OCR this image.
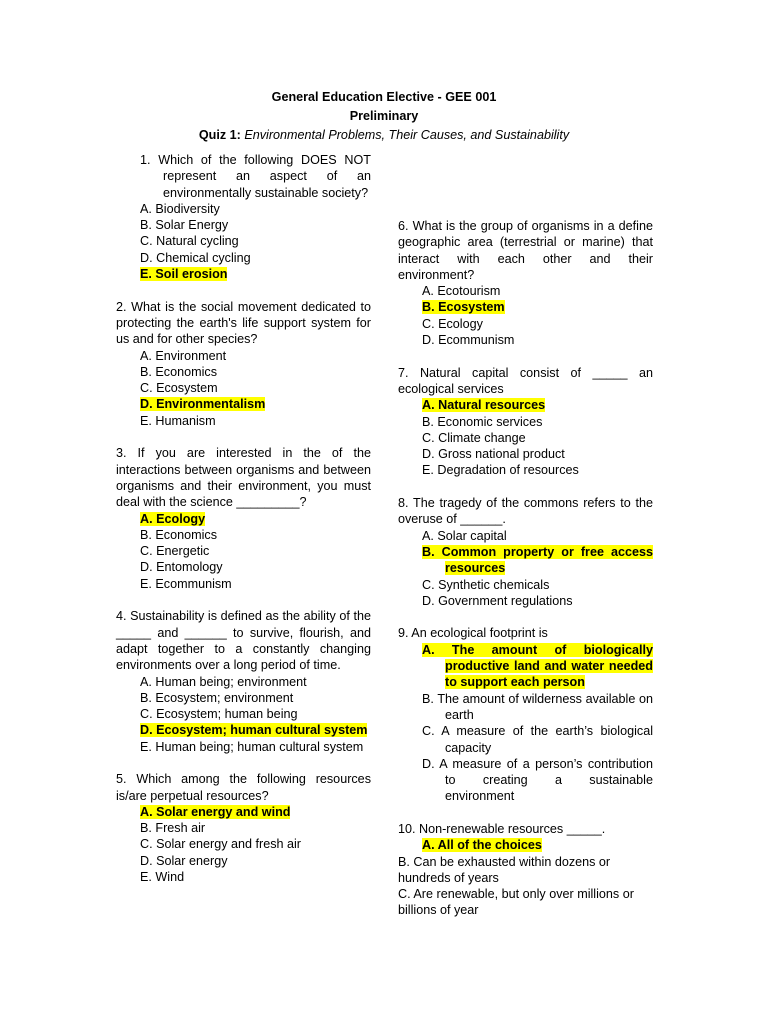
General Education Elective - GEE 001
Preliminary
Quiz 1: Environmental Problems, Their Causes, and Sustainability

1. Which of the following DOES NOT represent an aspect of an environmentally sustainable society?

A. Biodiversity

B. Solar Energy

C. Natural cycling

D. Chemical cycling

E. Soil erosion

2. What is the social movement dedicated to protecting the earth's life support system for us and for other species?

A. Environment

B. Economics

C. Ecosystem

D. Environmentalism

E. Humanism

3. If you are interested in the of the interactions between organisms and between organisms and their environment, you must deal with the science _________?

A. Ecology

B. Economics

C. Energetic

D. Entomology

E. Ecommunism

4. Sustainability is defined as the ability of the _____ and ______ to survive, flourish, and adapt together to a constantly changing environments over a long period of time.

A. Human being; environment

B. Ecosystem; environment

C. Ecosystem; human being

D. Ecosystem; human cultural system

E. Human being; human cultural system

5. Which among the following resources is/are perpetual resources?

A. Solar energy and wind

B. Fresh air

C. Solar energy and fresh air

D. Solar energy

E. Wind

6. What is the group of organisms in a define geographic area (terrestrial or marine) that interact with each other and their environment?

A. Ecotourism

B. Ecosystem

C. Ecology

D. Ecommunism

7. Natural capital consist of _____ an ecological services

A. Natural resources

B. Economic services

C. Climate change

D. Gross national product

E. Degradation of resources

8. The tragedy of the commons refers to the overuse of ______.

A. Solar capital

B. Common property or free access resources

C. Synthetic chemicals

D. Government regulations

9. An ecological footprint is

A. The amount of biologically productive land and water needed to support each person

B. The amount of wilderness available on earth

C. A measure of the earth’s biological capacity

D. A measure of a person’s contribution to creating a sustainable environment

10. Non-renewable resources _____.

A. All of the choices

B. Can be exhausted within dozens or hundreds of years

C. Are renewable, but only over millions or billions of year
